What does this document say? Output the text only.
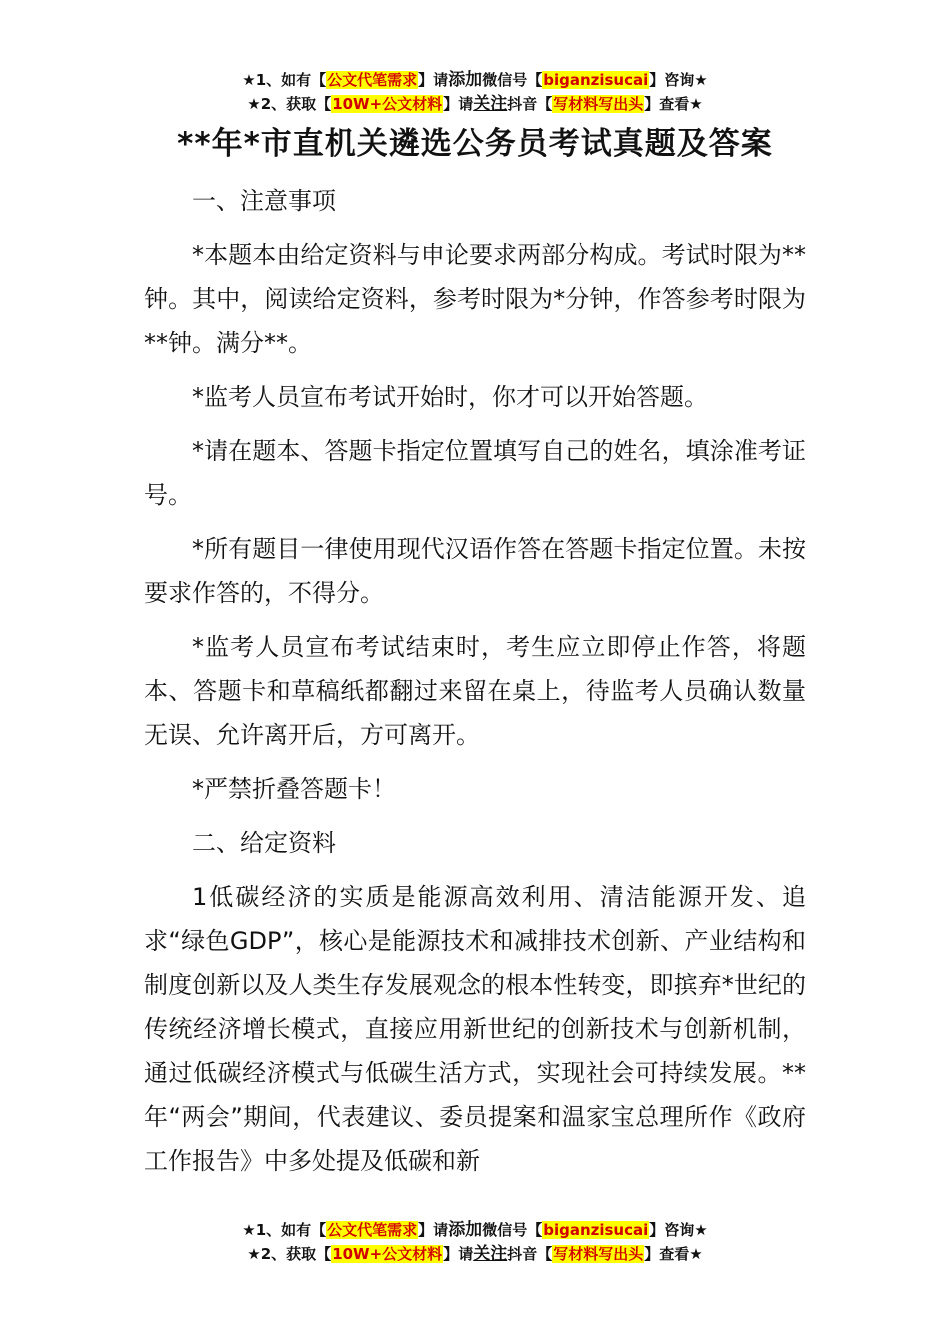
★1、如有【公文代笔需求】请添加微信号【biganzisucai】咨询★
★2、获取【10W+公文材料】请关注抖音【写材料写出头】查看★
**年*市直机关遴选公务员考试真题及答案

一、注意事项

*本题本由给定资料与申论要求两部分构成。考试时限为**钟。其中，阅读给定资料，参考时限为*分钟，作答参考时限为**钟。满分**。

*监考人员宣布考试开始时，你才可以开始答题。

*请在题本、答题卡指定位置填写自己的姓名，填涂准考证号。

*所有题目一律使用现代汉语作答在答题卡指定位置。未按要求作答的，不得分。

*监考人员宣布考试结束时，考生应立即停止作答，将题本、答题卡和草稿纸都翻过来留在桌上，待监考人员确认数量无误、允许离开后，方可离开。

*严禁折叠答题卡！

二、给定资料

1低碳经济的实质是能源高效利用、清洁能源开发、追求“绿色GDP”，核心是能源技术和减排技术创新、产业结构和制度创新以及人类生存发展观念的根本性转变，即摈弃*世纪的传统经济增长模式，直接应用新世纪的创新技术与创新机制，通过低碳经济模式与低碳生活方式，实现社会可持续发展。**年“两会”期间，代表建议、委员提案和温家宝总理所作《政府工作报告》中多处提及低碳和新

★1、如有【公文代笔需求】请添加微信号【biganzisucai】咨询★
★2、获取【10W+公文材料】请关注抖音【写材料写出头】查看★
